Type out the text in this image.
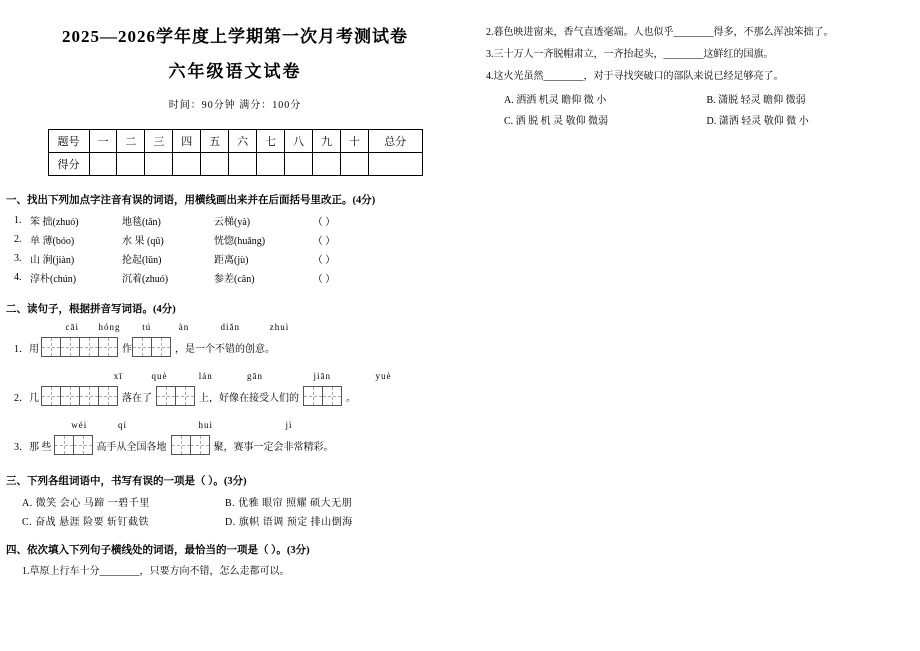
2025—2026学年度上学期第一次月考测试卷
六年级语文试卷
时间：90分钟 满分：100分
题号	一	二	三	四	五	六	七	八	九	十	总分
得分											
一、找出下列加点字注音有误的词语，用横线画出来并在后面括号里改正。(4分)
1. 笨 拙(zhuó)	地毯(tǎn)	云梯(yà)	（ ）
2. 单 薄(bóo)	水 果 (qǔ)	恍惚(huǎng)	（ ）
3. 山 涧(jiàn)	抡起(lǔn)	距离(jù)	（ ）
4. 淳朴(chún)	沉着(zhuó)	参差(cān)	（ ）
二、读句子，根据拼音写词语。(4分)
cāi hóng tú	àn	diǎn	zhuì
1．用	作	，是一个不错的创意。
xī	què	lán	gān	jiān	yuè
2．几	落在了	上，好像在接受人们的	。
wéi	qí	huì	jì
3．那 些	高手从全国各地	聚，赛事一定会非常精彩。
三、下列各组词语中，书写有误的一项是（ ）。(3分)
A. 微笑 会心 马蹄 一碧千里	B. 优雅 眼帘 照耀 硕大无朋
C. 奋战 悬涯 险要 斩钉截铁	D. 旗帜 语调 预定 排山倒海
四、依次填入下列句子横线处的词语，最恰当的一项是（ ）。(3分)
1.草原上行车十分________，只要方向不错，怎么走都可以。
2.暮色映进窗来，香气直透毫端。人也似乎________得多，不那么浑浊笨拙了。
3.三十万人一齐脱帽肃立，一齐抬起头，________这鲜红的国旗。
4.这火光虽然________，对于寻找突破口的部队来说已经足够亮了。
A. 洒洒 机灵 瞻仰 微 小	B. 潇脱 轻灵 瞻仰 微弱
C. 洒 脱 机 灵 敬仰 微弱	D. 潇洒 轻灵 敬仰 微 小
